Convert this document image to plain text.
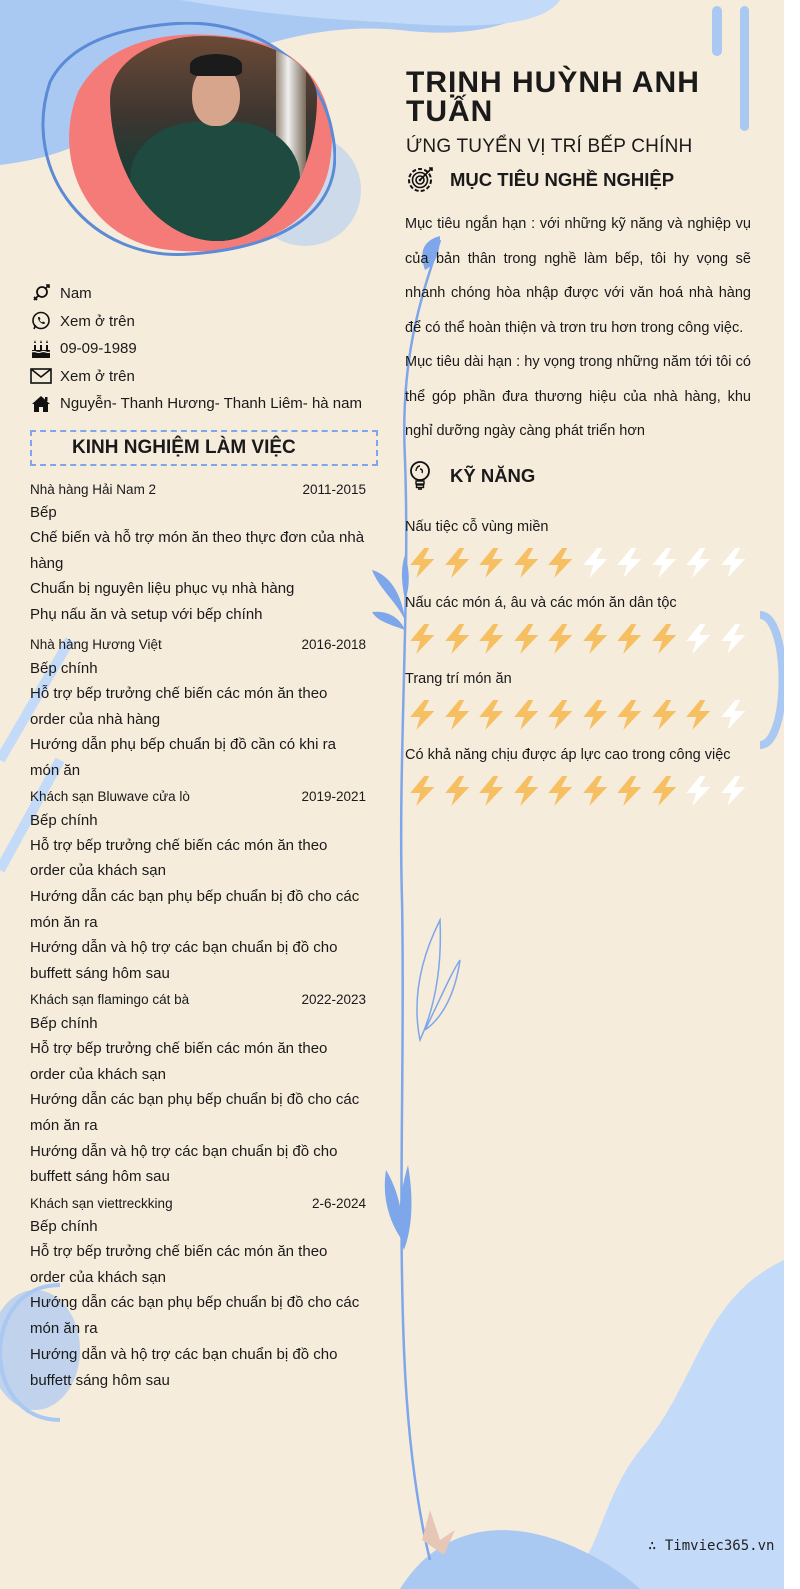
Nam
Xem ở trên
09-09-1989
Xem ở trên
Nguyễn- Thanh Hương- Thanh Liêm- hà nam
KINH NGHIỆM LÀM VIỆC
Nhà hàng Hải Nam 2	2011-2015
Bếp
Chế biến và hỗ trợ món ăn theo thực đơn của nhà hàng
Chuẩn bị nguyên liệu phục vụ nhà hàng
Phụ nấu ăn và setup với bếp chính
Nhà hàng Hương Việt	2016-2018
Bếp chính
Hỗ trợ bếp trưởng chế biến các món ăn theo order của nhà hàng
Hướng dẫn phụ bếp chuẩn bị đồ cần có khi ra món ăn
Khách sạn Bluwave cửa lò	2019-2021
Bếp chính
Hỗ trợ bếp trưởng chế biến các món ăn theo order của khách sạn
Hướng dẫn các bạn phụ bếp chuẩn bị đồ cho các món ăn ra
Hướng dẫn và hộ trợ các bạn chuẩn bị đồ cho buffett sáng hôm sau
Khách sạn flamingo cát bà	2022-2023
Bếp chính
Hỗ trợ bếp trưởng chế biến các món ăn theo order của khách sạn
Hướng dẫn các bạn phụ bếp chuẩn bị đồ cho các món ăn ra
Hướng dẫn và hộ trợ các bạn chuẩn bị đồ cho buffett sáng hôm sau
Khách sạn viettreckking	2-6-2024
Bếp chính
Hỗ trợ bếp trưởng chế biến các món ăn theo order của khách sạn
Hướng dẫn các bạn phụ bếp chuẩn bị đồ cho các món ăn ra
Hướng dẫn và hộ trợ các bạn chuẩn bị đồ cho buffett sáng hôm sau
TRỊNH HUỲNH ANH TUẤN
ỨNG TUYỂN VỊ TRÍ BẾP CHÍNH
MỤC TIÊU NGHỀ NGHIỆP
Mục tiêu ngắn hạn : với những kỹ năng và nghiệp vụ của bản thân trong nghề làm bếp, tôi hy vọng sẽ nhanh chóng hòa nhập được với văn hoá nhà hàng để có thể hoàn thiện và trơn tru hơn trong công việc.
Mục tiêu dài hạn : hy vọng trong những năm tới tôi có thể góp phần đưa thương hiệu của nhà hàng, khu nghỉ dưỡng ngày càng phát triển hơn
KỸ NĂNG
Nấu tiệc cỗ vùng miền
Nấu các món á, âu và các món ăn dân tộc
Trang trí món ăn
Có khả năng chịu được áp lực cao trong công việc
∴ Timviec365.vn
